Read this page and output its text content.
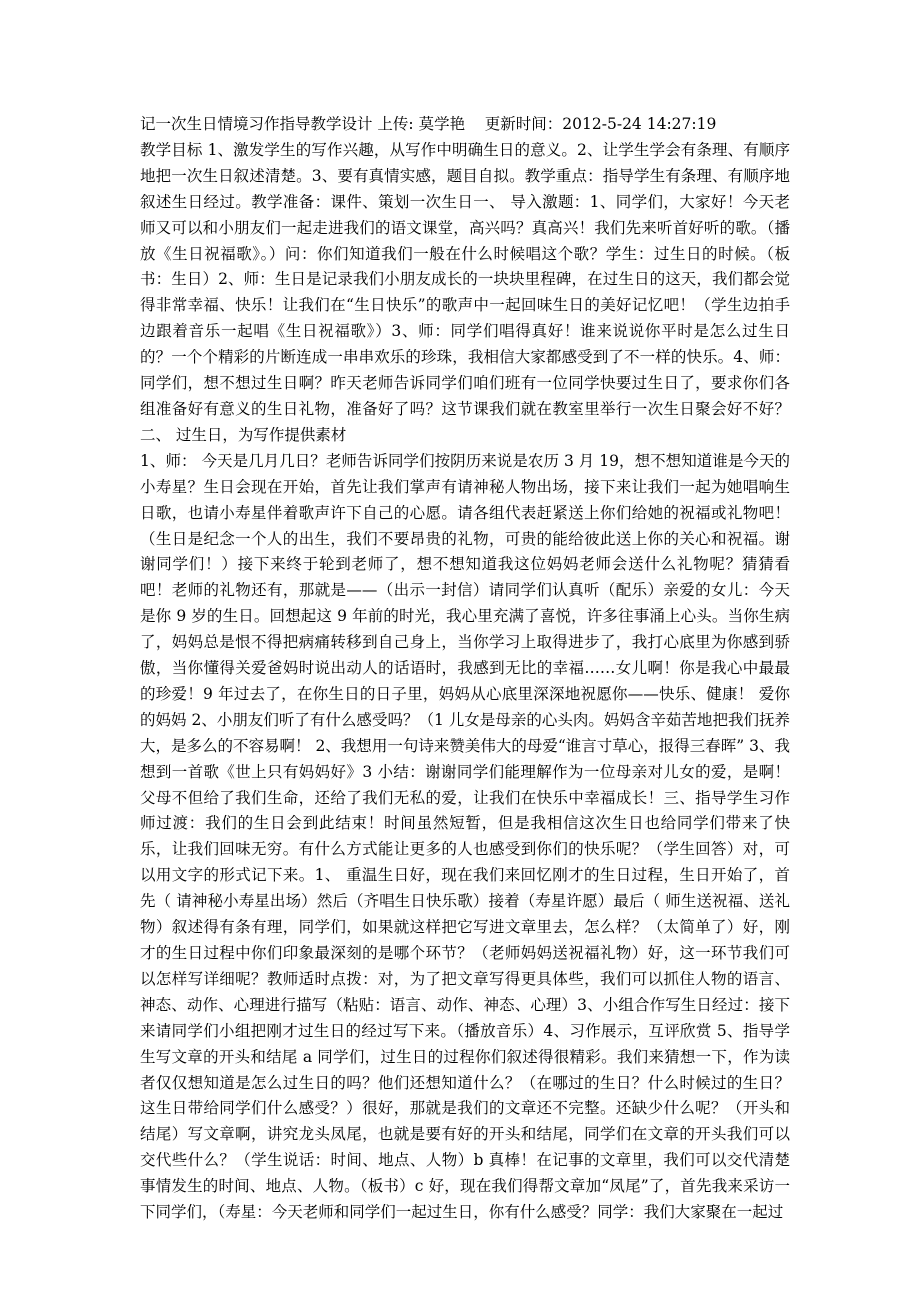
记一次生日情境习作指导教学设计 上传: 莫学艳    更新时间：2012-5-24 14:27:19

教学目标 1、激发学生的写作兴趣，从写作中明确生日的意义。2、让学生学会有条理、有顺序地把一次生日叙述清楚。3、要有真情实感，题目自拟。教学重点：指导学生有条理、有顺序地叙述生日经过。教学准备：课件、策划一次生日一、 导入激题：1、同学们，大家好！今天老师又可以和小朋友们一起走进我们的语文课堂，高兴吗？真高兴！我们先来听首好听的歌。（播放《生日祝福歌》。）问：你们知道我们一般在什么时候唱这个歌？学生：过生日的时候。（板书：生日）2、师：生日是记录我们小朋友成长的一块块里程碑，在过生日的这天，我们都会觉得非常幸福、快乐！让我们在“生日快乐”的歌声中一起回味生日的美好记忆吧！（学生边拍手边跟着音乐一起唱《生日祝福歌》）3、师：同学们唱得真好！谁来说说你平时是怎么过生日的？一个个精彩的片断连成一串串欢乐的珍珠，我相信大家都感受到了不一样的快乐。4、师：同学们，想不想过生日啊？昨天老师告诉同学们咱们班有一位同学快要过生日了，要求你们各组准备好有意义的生日礼物，准备好了吗？这节课我们就在教室里举行一次生日聚会好不好？二、 过生日，为写作提供素材

1、师： 今天是几月几日？老师告诉同学们按阴历来说是农历 3 月 19，想不想知道谁是今天的小寿星？生日会现在开始，首先让我们掌声有请神秘人物出场，接下来让我们一起为她唱响生日歌，也请小寿星伴着歌声许下自己的心愿。请各组代表赶紧送上你们给她的祝福或礼物吧！（生日是纪念一个人的出生，我们不要昂贵的礼物，可贵的能给彼此送上你的关心和祝福。谢谢同学们！）接下来终于轮到老师了，想不想知道我这位妈妈老师会送什么礼物呢？猜猜看吧！老师的礼物还有，那就是——（出示一封信）请同学们认真听（配乐）亲爱的女儿：今天是你 9 岁的生日。回想起这 9 年前的时光，我心里充满了喜悦，许多往事涌上心头。当你生病了，妈妈总是恨不得把病痛转移到自己身上，当你学习上取得进步了，我打心底里为你感到骄傲，当你懂得关爱爸妈时说出动人的话语时，我感到无比的幸福……女儿啊！你是我心中最最的珍爱！9 年过去了，在你生日的日子里，妈妈从心底里深深地祝愿你——快乐、健康！ 爱你的妈妈 2、小朋友们听了有什么感受吗？（1 儿女是母亲的心头肉。妈妈含辛茹苦地把我们抚养大，是多么的不容易啊！ 2、我想用一句诗来赞美伟大的母爱“谁言寸草心，报得三春晖” 3、我想到一首歌《世上只有妈妈好》3 小结：谢谢同学们能理解作为一位母亲对儿女的爱，是啊！父母不但给了我们生命，还给了我们无私的爱，让我们在快乐中幸福成长！三、指导学生习作 师过渡：我们的生日会到此结束！时间虽然短暂，但是我相信这次生日也给同学们带来了快乐，让我们回味无穷。有什么方式能让更多的人也感受到你们的快乐呢？（学生回答）对，可以用文字的形式记下来。1、 重温生日好，现在我们来回忆刚才的生日过程，生日开始了，首先（ 请神秘小寿星出场）然后（齐唱生日快乐歌）接着（寿星许愿）最后（ 师生送祝福、送礼物）叙述得有条有理，同学们，如果就这样把它写进文章里去，怎么样？（太简单了）好，刚才的生日过程中你们印象最深刻的是哪个环节？（老师妈妈送祝福礼物）好，这一环节我们可以怎样写详细呢？教师适时点拨：对，为了把文章写得更具体些，我们可以抓住人物的语言、神态、动作、心理进行描写（粘贴：语言、动作、神态、心理）3、小组合作写生日经过：接下来请同学们小组把刚才过生日的经过写下来。（播放音乐）4、习作展示，互评欣赏 5、指导学生写文章的开头和结尾 a 同学们，过生日的过程你们叙述得很精彩。我们来猜想一下，作为读者仅仅想知道是怎么过生日的吗？他们还想知道什么？（在哪过的生日？什么时候过的生日？这生日带给同学们什么感受？）很好，那就是我们的文章还不完整。还缺少什么呢？（开头和结尾）写文章啊，讲究龙头凤尾，也就是要有好的开头和结尾，同学们在文章的开头我们可以交代些什么？（学生说话：时间、地点、人物）b 真棒！在记事的文章里，我们可以交代清楚事情发生的时间、地点、人物。（板书）c 好，现在我们得帮文章加“凤尾”了，首先我来采访一下同学们，（寿星：今天老师和同学们一起过生日，你有什么感受？同学：我们大家聚在一起过
